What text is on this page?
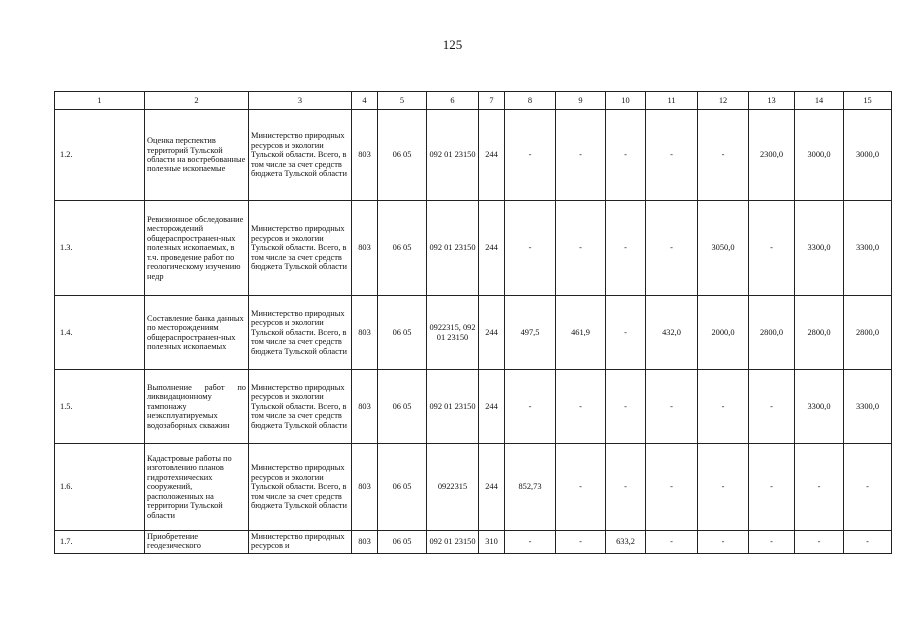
125
1	2	3	4	5	6	7	8	9	10	11	12	13	14	15
1.2.	Оценка перспектив территорий Тульской области на востребованные полезные ископаемые	Министерство природных ресурсов и экологии Тульской области. Всего, в том числе за счет средств бюджета Тульской области	803	06 05	092 01 23150	244	-	-	-	-	-	2300,0	3000,0	3000,0
1.3.	Ревизионное обследование месторождений общераспространен-ных полезных ископаемых, в т.ч. проведение работ по геологическому изучению недр	Министерство природных ресурсов и экологии Тульской области. Всего, в том числе за счет средств бюджета Тульской области	803	06 05	092 01 23150	244	-	-	-	-	3050,0	-	3300,0	3300,0
1.4.	Составление банка данных по месторождениям общераспространен-ных полезных ископаемых	Министерство природных ресурсов и экологии Тульской области. Всего, в том числе за счет средств бюджета Тульской области	803	06 05	0922315, 092 01 23150	244	497,5	461,9	-	432,0	2000,0	2800,0	2800,0	2800,0
1.5.	Выполнение работ по ликвидационному тампонажу неэксплуатируемых водозаборных скважин	Министерство природных ресурсов и экологии Тульской области. Всего, в том числе за счет средств бюджета Тульской области	803	06 05	092 01 23150	244	-	-	-	-	-	-	3300,0	3300,0
1.6.	Кадастровые работы по изготовлению планов гидротехнических сооружений, расположенных на территории Тульской области	Министерство природных ресурсов и экологии Тульской области. Всего, в том числе за счет средств бюджета Тульской области	803	06 05	0922315	244	852,73	-	-	-	-	-	-	-
1.7.	Приобретение геодезического	Министерство природных ресурсов и	803	06 05	092 01 23150	310	-	-	633,2	-	-	-	-	-
